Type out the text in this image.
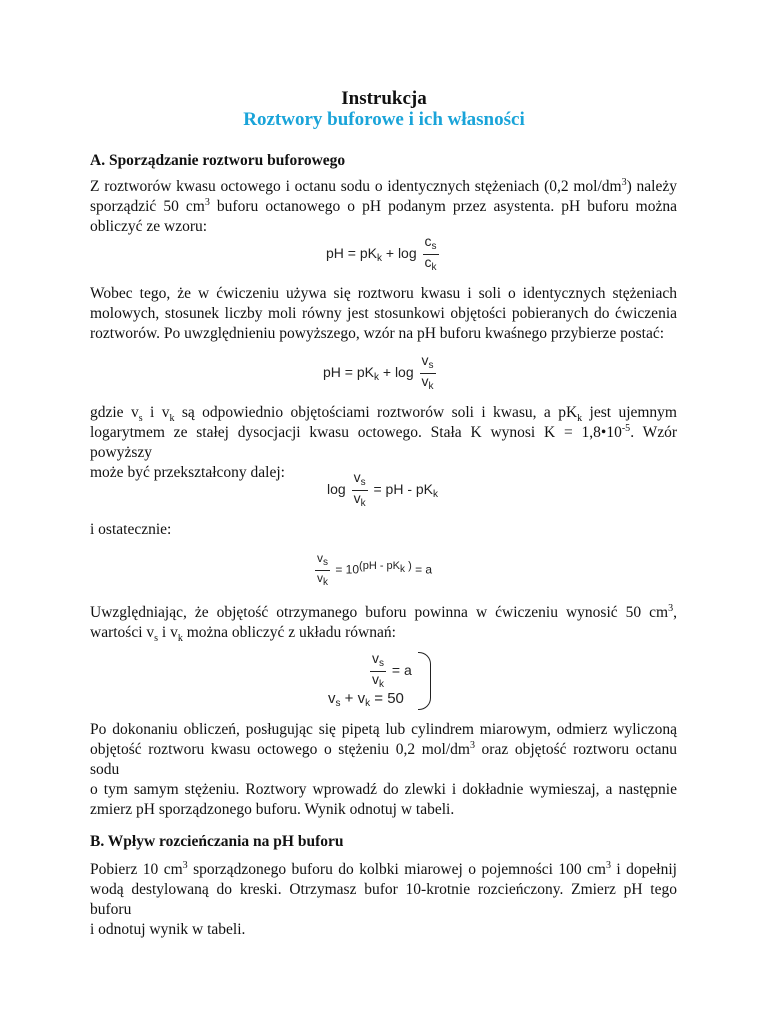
Instrukcja
Roztwory buforowe i ich własności
A. Sporządzanie roztworu buforowego

Z roztworów kwasu octowego i octanu sodu o identycznych stężeniach (0,2 mol/$dm^3$) należy
sporządzić 50 $cm^3$ buforu octanowego o pH podanym przez asystenta. pH buforu można
obliczyć ze wzoru:

pH = $pK_k + \log \frac{c_s}{c_k}$

Wobec tego, że w ćwiczeniu używa się roztworu kwasu i soli o identycznych stężeniach
molowych, stosunek liczby moli równy jest stosunkowi objętości pobieranych do ćwiczenia
roztworów. Po uwzględnieniu powyższego, wzór na pH buforu kwaśnego przybierze postać:

pH = $pK_k + \log \frac{v_s}{v_k}$

gdzie $v_s$ i $v_k$ są odpowiednio objętościami roztworów soli i kwasu, a $pK_k$ jest ujemnym
logarytmem ze stałej dysocjacji kwasu octowego. Stała K wynosi $K = 1,8•10^{-5}$. Wzór powyższy
może być przekształcony dalej:

$\log \frac{v_s}{v_k}$ = pH - $pK_k$

i ostatecznie:

$\frac{v_s}{v_k} = 10(pH$ - pKk ) = a

Uwzględniając, że objętość otrzymanego buforu powinna w ćwiczeniu wynosić 50 $cm^3$,
wartości $v_s$ i $v_k$ można obliczyć z układu równań:

$\frac{v_s}{v_k} = a$
$v_s + v_k = 50$

Po dokonaniu obliczeń, posługując się pipetą lub cylindrem miarowym, odmierz wyliczoną
objętość roztworu kwasu octowego o stężeniu 0,2 mol/$dm^3$ oraz objętość roztworu octanu sodu
o tym samym stężeniu. Roztwory wprowadź do zlewki i dokładnie wymieszaj, a następnie
zmierz pH sporządzonego buforu. Wynik odnotuj w tabeli.

B. Wpływ rozcieńczania na pH buforu

Pobierz 10 $cm^3$ sporządzonego buforu do kolbki miarowej o pojemności 100 $cm^3$ i dopełnij
wodą destylowaną do kreski. Otrzymasz bufor 10-krotnie rozcieńczony. Zmierz pH tego buforu
i odnotuj wynik w tabeli.
